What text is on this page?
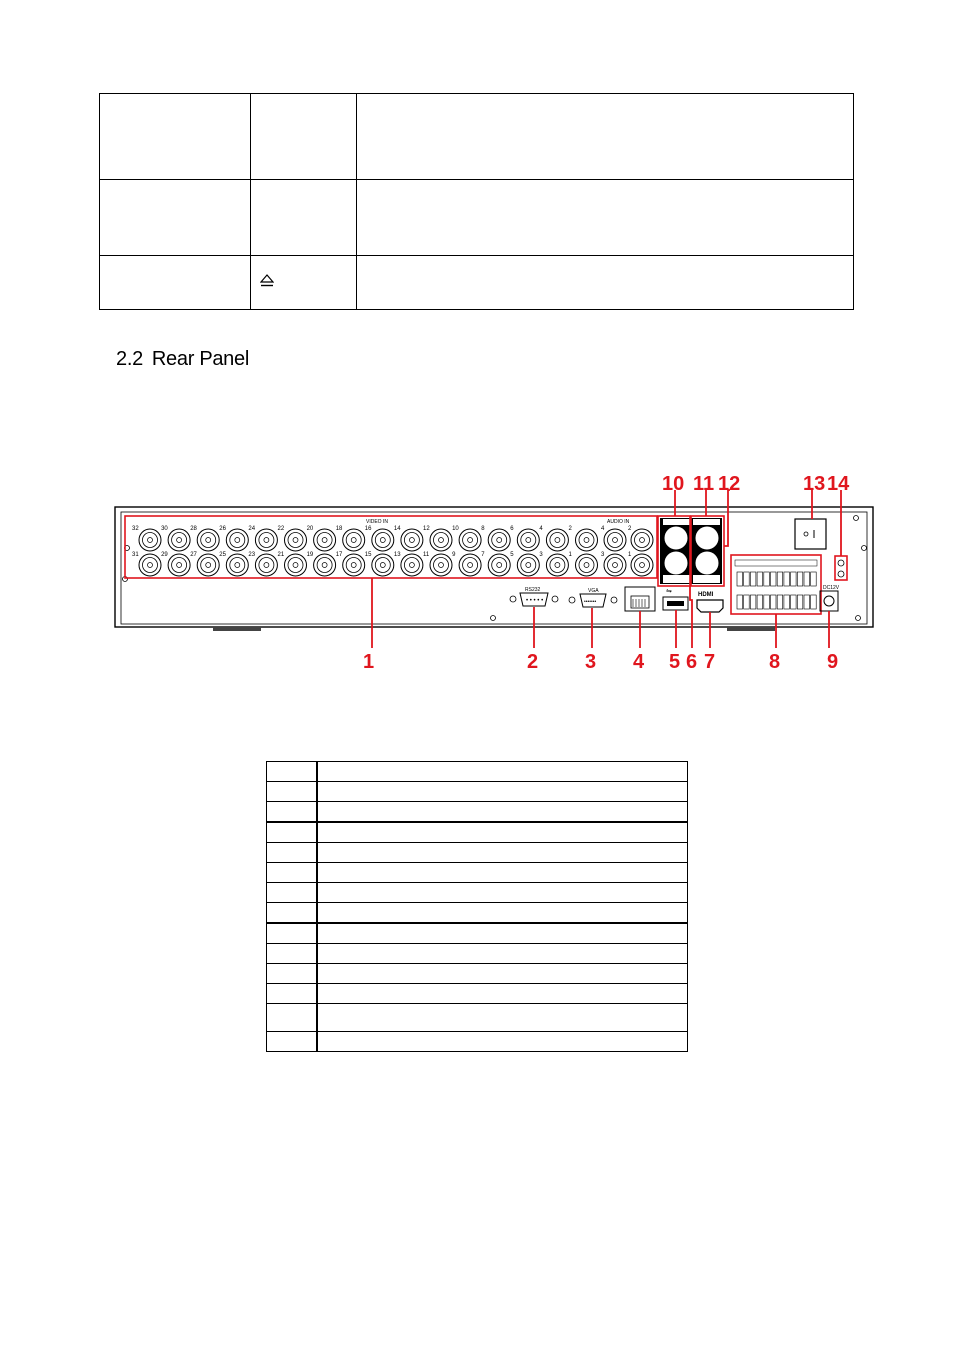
2.2 Rear Panel
32
31
30
29
28
27
26
25
24
23
22
21
20
19
18
17
16
15
14
13
12
11
10
9
8
7
6
5
4
3
2
1
4
3
2
1
VIDEO IN	AUDIO IN
RS232	VGA	⇋	HDMI
DC12V
• • • • •	•••••••
1	2 3 4 5 6 7	8 9
10 11 12	13 14
